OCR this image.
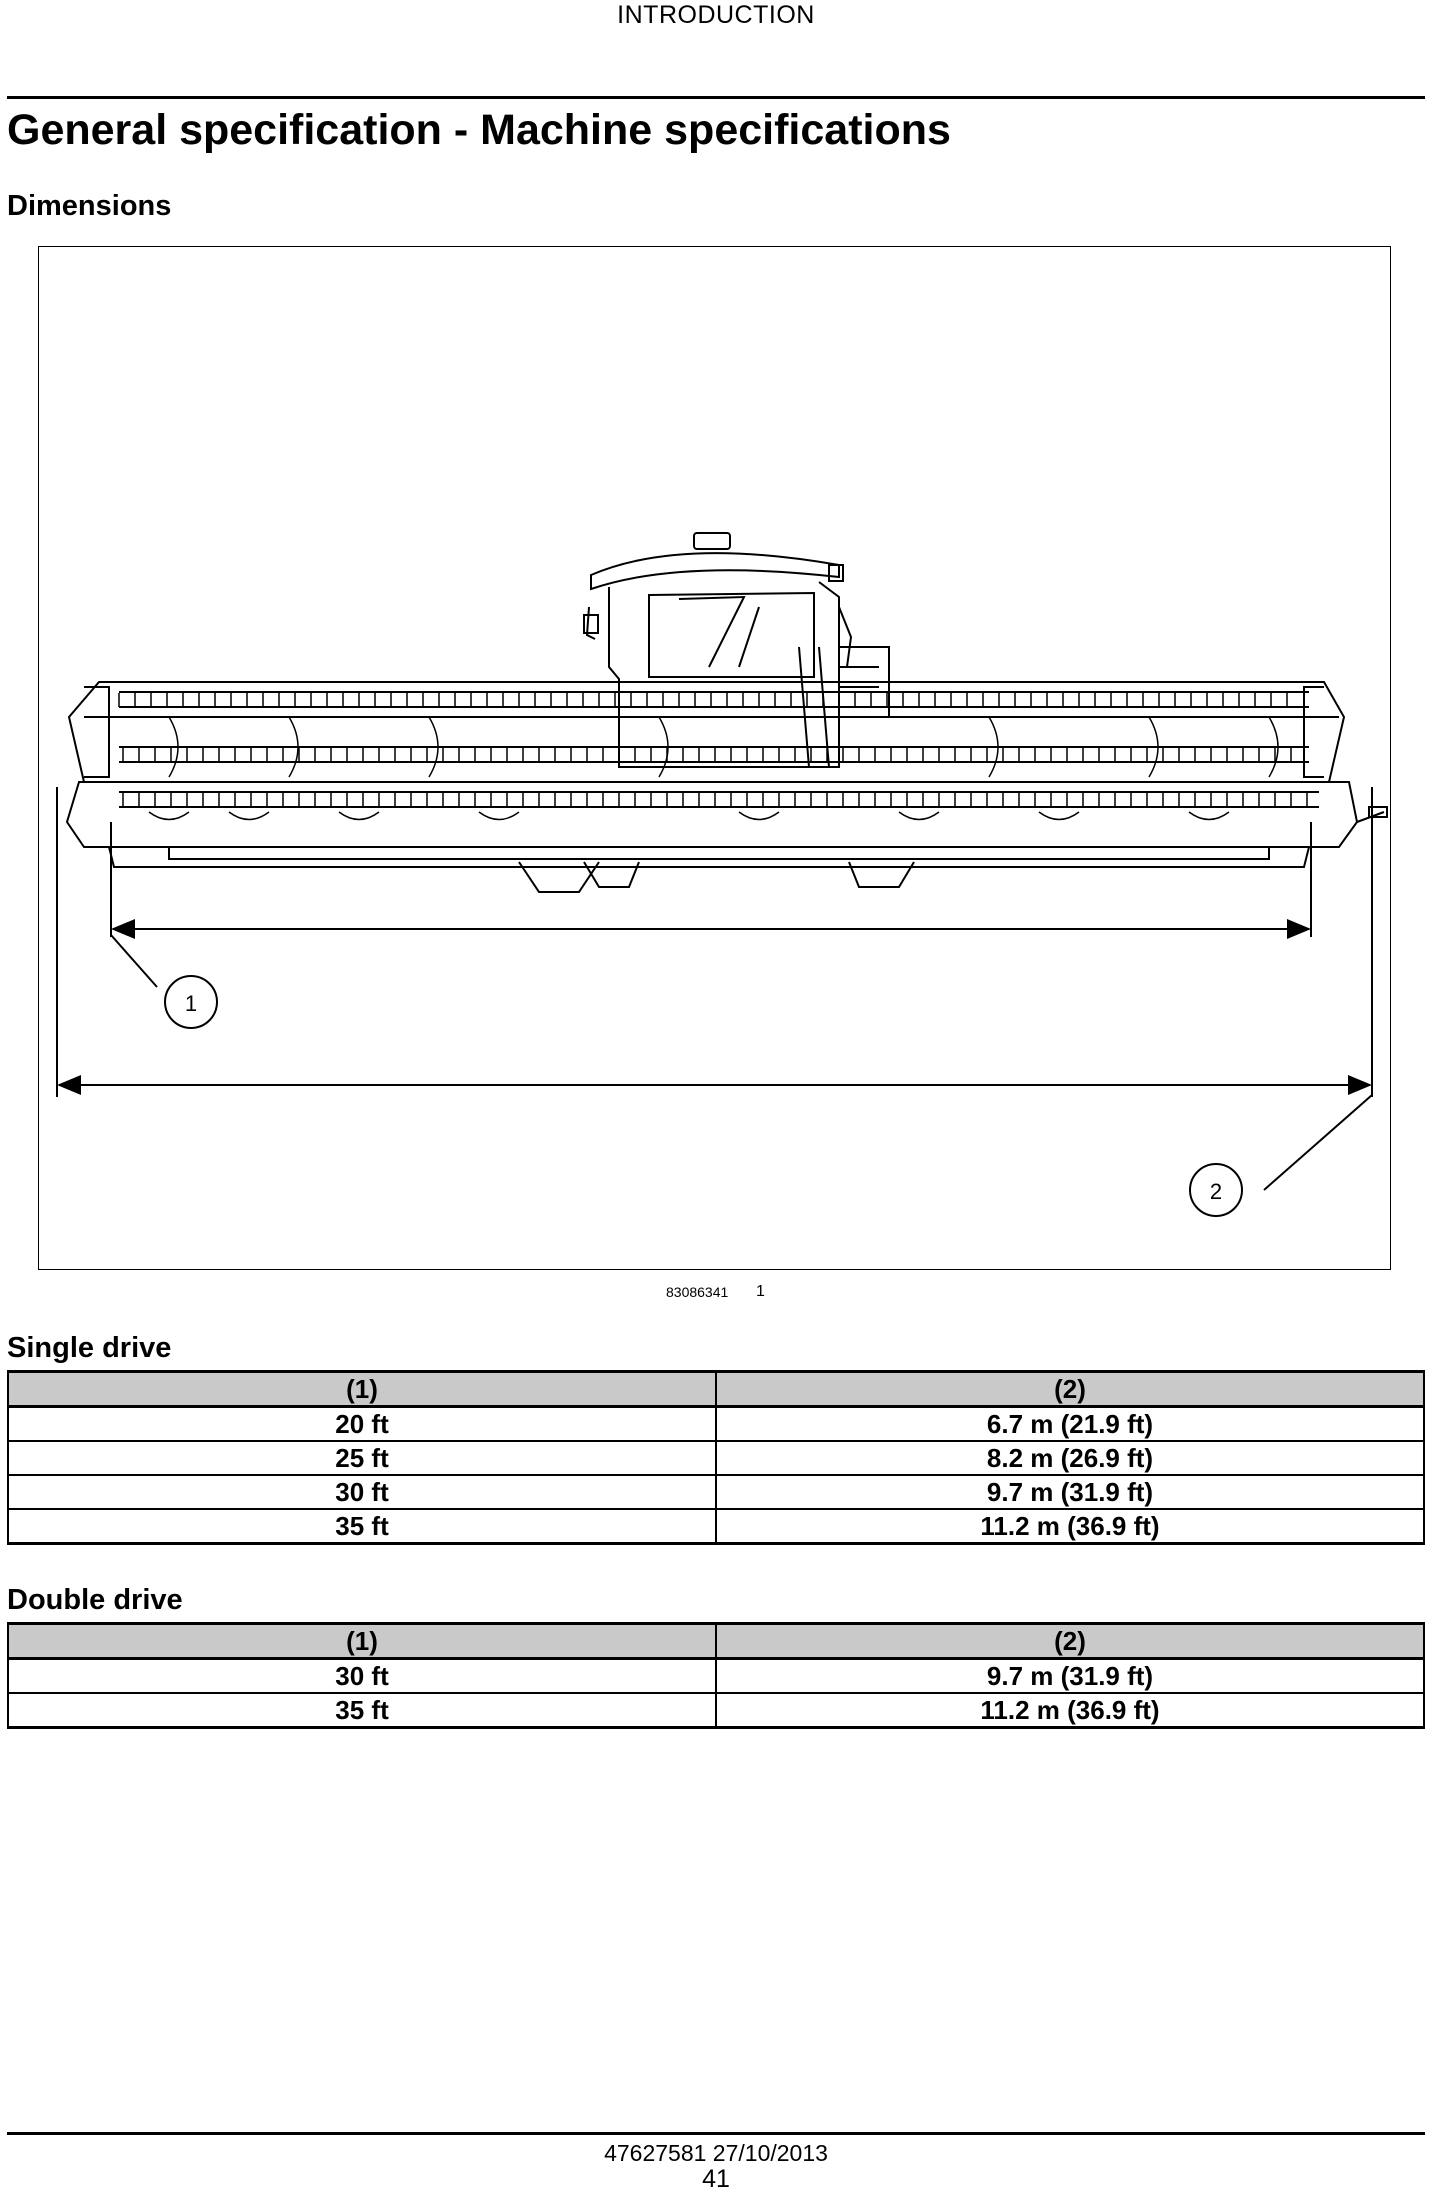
INTRODUCTION
General specification - Machine specifications
Dimensions
1
2
83086341 1
Single drive
(1)	(2)
20 ft	6.7 m (21.9 ft)
25 ft	8.2 m (26.9 ft)
30 ft	9.7 m (31.9 ft)
35 ft	11.2 m (36.9 ft)
Double drive
(1)	(2)
30 ft	9.7 m (31.9 ft)
35 ft	11.2 m (36.9 ft)
47627581 27/10/2013
41
